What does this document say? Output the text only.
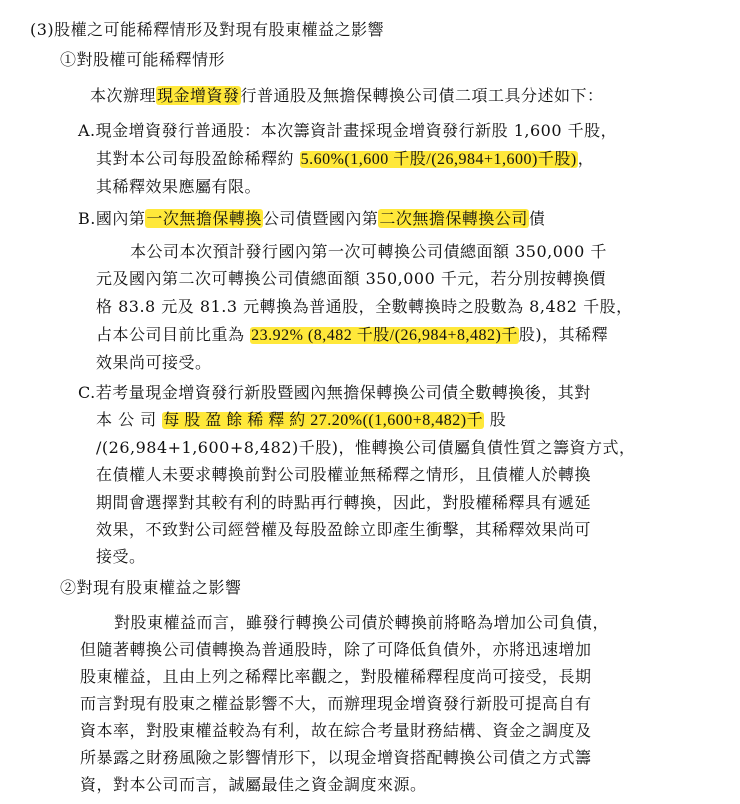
(3)股權之可能稀釋情形及對現有股東權益之影響
①對股權可能稀釋情形
本次辦理現金增資發行普通股及無擔保轉換公司債二項工具分述如下：
A.現金增資發行普通股：本次籌資計畫採現金增資發行新股 1,600 千股，
其對本公司每股盈餘稀釋約 5.60%(1,600 千股/(26,984+1,600)千股)，
其稀釋效果應屬有限。
B.國內第一次無擔保轉換公司債暨國內第二次無擔保轉換公司債
本公司本次預計發行國內第一次可轉換公司債總面額 350,000 千
元及國內第二次可轉換公司債總面額 350,000 千元，若分別按轉換價
格 83.8 元及 81.3 元轉換為普通股，全數轉換時之股數為 8,482 千股，
占本公司目前比重為 23.92% (8,482 千股/(26,984+8,482)千股)，其稀釋
效果尚可接受。
C.若考量現金增資發行新股暨國內無擔保轉換公司債全數轉換後，其對
本 公 司 每 股 盈 餘 稀 釋 約 27.20%((1,600+8,482)千 股
/(26,984+1,600+8,482)千股)，惟轉換公司債屬負債性質之籌資方式，
在債權人未要求轉換前對公司股權並無稀釋之情形，且債權人於轉換
期間會選擇對其較有利的時點再行轉換，因此，對股權稀釋具有遞延
效果，不致對公司經營權及每股盈餘立即產生衝擊，其稀釋效果尚可
接受。
②對現有股東權益之影響
對股東權益而言，雖發行轉換公司債於轉換前將略為增加公司負債，
但隨著轉換公司債轉換為普通股時，除了可降低負債外，亦將迅速增加
股東權益，且由上列之稀釋比率觀之，對股權稀釋程度尚可接受，長期
而言對現有股東之權益影響不大，而辦理現金增資發行新股可提高自有
資本率，對股東權益較為有利，故在綜合考量財務結構、資金之調度及
所暴露之財務風險之影響情形下，以現金增資搭配轉換公司債之方式籌
資，對本公司而言，誠屬最佳之資金調度來源。
